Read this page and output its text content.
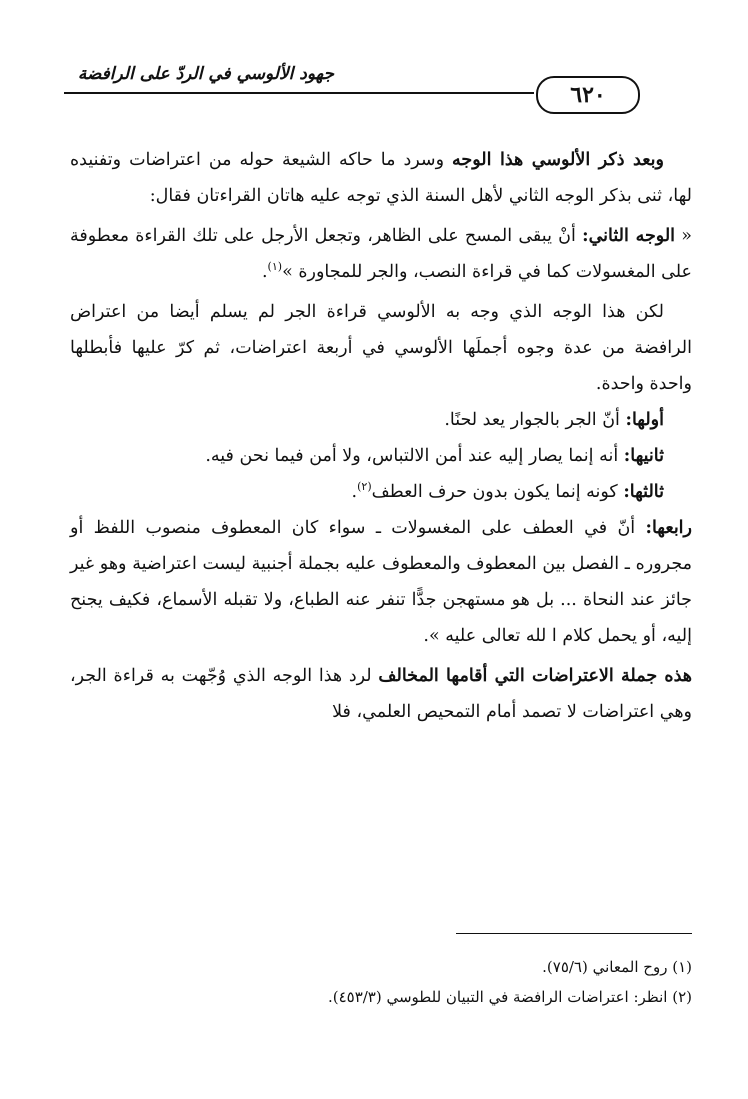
جهود الألوسي في الردّ على الرافضة
٦٢٠

وبعد ذكر الألوسي هذا الوجه وسرد ما حاكه الشيعة حوله من اعتراضات وتفنيده لها، ثنى بذكر الوجه الثاني لأهل السنة الذي توجه عليه هاتان القراءتان فقال:

« الوجه الثاني: أنْ يبقى المسح على الظاهر، وتجعل الأرجل على تلك القراءة معطوفة على المغسولات كما في قراءة النصب، والجر للمجاورة »$^{(١)}$.

لكن هذا الوجه الذي وجه به الألوسي قراءة الجر لم يسلم أيضا من اعتراض الرافضة من عدة وجوه أجملَها الألوسي في أربعة اعتراضات، ثم كرّ عليها فأبطلها واحدة واحدة.

أولها: أنّ الجر بالجوار يعد لحنًا.

ثانيها: أنه إنما يصار إليه عند أمن الالتباس، ولا أمن فيما نحن فيه.

ثالثها: كونه إنما يكون بدون حرف العطف$^{(٢)}$.

رابعها: أنّ في العطف على المغسولات ـ سواء كان المعطوف منصوب اللفظ أو مجروره ـ الفصل بين المعطوف والمعطوف عليه بجملة أجنبية ليست اعتراضية وهو غير جائز عند النحاة ... بل هو مستهجن جدًّا تنفر عنه الطباع، ولا تقبله الأسماع، فكيف يجنح إليه، أو يحمل كلام ا لله تعالى عليه ».

هذه جملة الاعتراضات التي أقامها المخالف لرد هذا الوجه الذي وُجّهت به قراءة الجر، وهي اعتراضات لا تصمد أمام التمحيص العلمي، فلا

(١) روح المعاني (٧٥/٦).

(٢) انظر: اعتراضات الرافضة في التبيان للطوسي (٤٥٣/٣).
